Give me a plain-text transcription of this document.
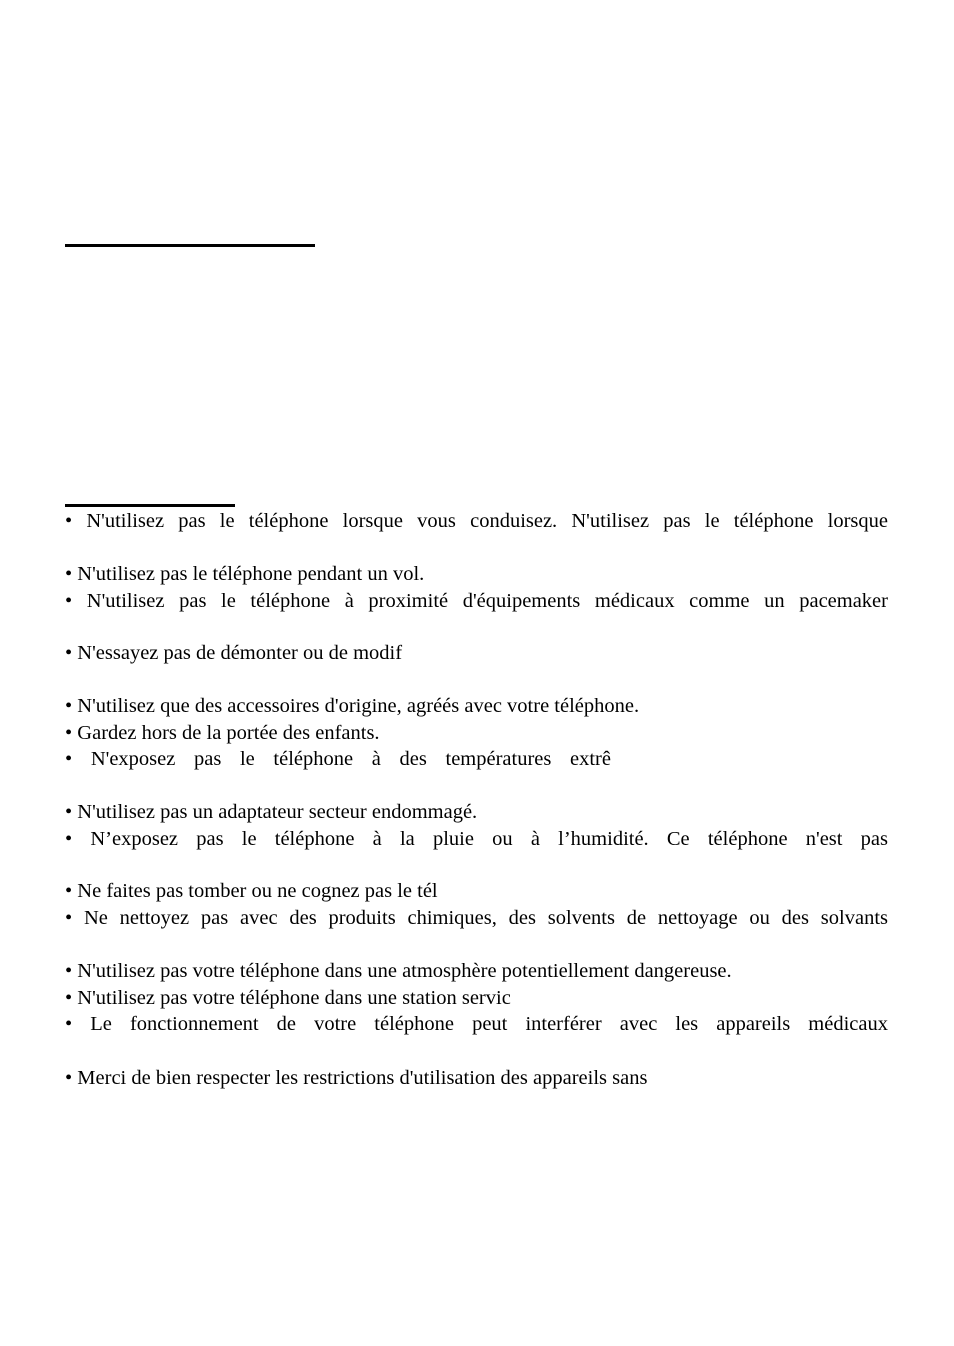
• N'utilisez pas le téléphone lorsque vous conduisez. N'utilisez pas le téléphone lorsque
• N'utilisez pas le téléphone pendant un vol.
• N'utilisez pas le téléphone à proximité d'équipements médicaux comme un pacemaker
• N'essayez pas de démonter ou de modif
• N'utilisez que des accessoires d'origine, agréés avec votre téléphone.
• Gardez hors de la portée des enfants.
• N'exposez pas le téléphone à des températures extrê
• N'utilisez pas un adaptateur secteur endommagé.
• N’exposez pas le téléphone à la pluie ou à l’humidité. Ce téléphone n'est pas
• Ne faites pas tomber ou ne cognez pas le tél
• Ne nettoyez pas avec des produits chimiques, des solvents de nettoyage ou des solvants
• N'utilisez pas votre téléphone dans une atmosphère potentiellement dangereuse.
• N'utilisez pas votre téléphone dans une station servic
• Le fonctionnement de votre téléphone peut interférer avec les appareils médicaux
• Merci de bien respecter les restrictions d'utilisation des appareils sans
